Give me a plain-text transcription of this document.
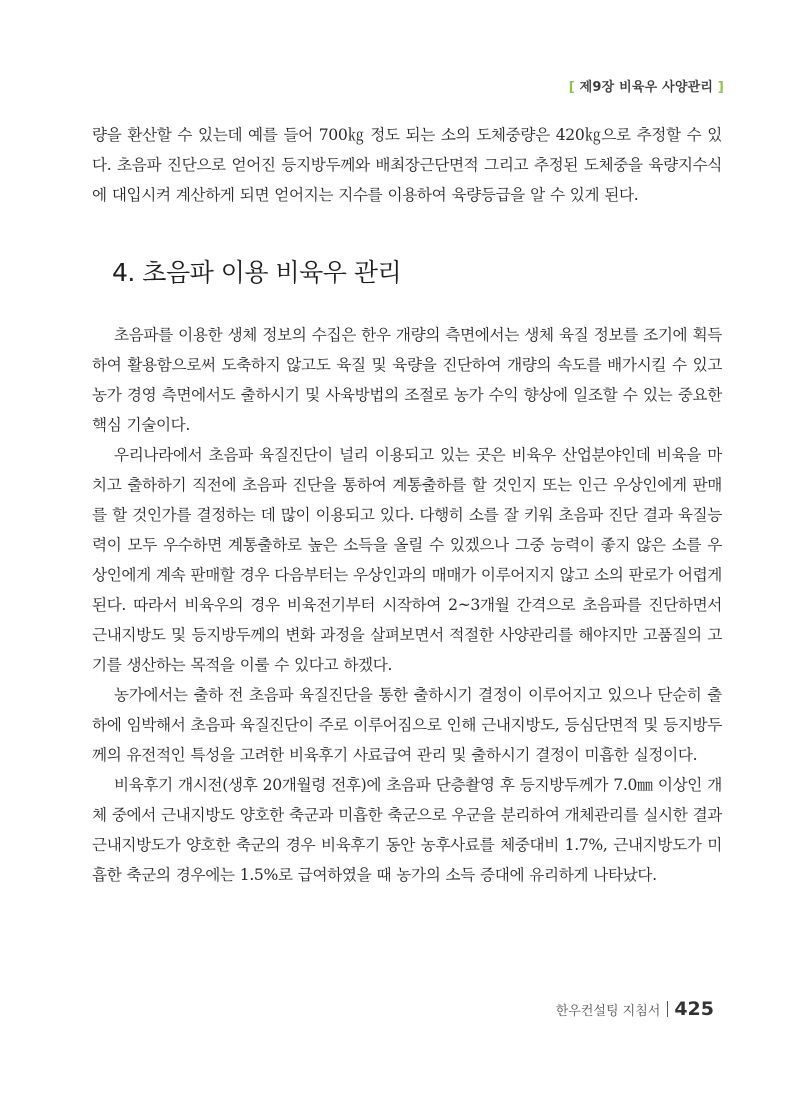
[ 제9장 비육우 사양관리 ]

량을 환산할 수 있는데 예를 들어 700㎏ 정도 되는 소의 도체중량은 420㎏으로 추정할 수 있다. 초음파 진단으로 얻어진 등지방두께와 배최장근단면적 그리고 추정된 도체중을 육량지수식에 대입시켜 계산하게 되면 얻어지는 지수를 이용하여 육량등급을 알 수 있게 된다.

4. 초음파 이용 비육우 관리

초음파를 이용한 생체 정보의 수집은 한우 개량의 측면에서는 생체 육질 정보를 조기에 획득하여 활용함으로써 도축하지 않고도 육질 및 육량을 진단하여 개량의 속도를 배가시킬 수 있고 농가 경영 측면에서도 출하시기 및 사육방법의 조절로 농가 수익 향상에 일조할 수 있는 중요한 핵심 기술이다.

우리나라에서 초음파 육질진단이 널리 이용되고 있는 곳은 비육우 산업분야인데 비육을 마치고 출하하기 직전에 초음파 진단을 통하여 계통출하를 할 것인지 또는 인근 우상인에게 판매를 할 것인가를 결정하는 데 많이 이용되고 있다. 다행히 소를 잘 키워 초음파 진단 결과 육질능력이 모두 우수하면 계통출하로 높은 소득을 올릴 수 있겠으나 그중 능력이 좋지 않은 소를 우상인에게 계속 판매할 경우 다음부터는 우상인과의 매매가 이루어지지 않고 소의 판로가 어렵게 된다. 따라서 비육우의 경우 비육전기부터 시작하여 2~3개월 간격으로 초음파를 진단하면서 근내지방도 및 등지방두께의 변화 과정을 살펴보면서 적절한 사양관리를 해야지만 고품질의 고기를 생산하는 목적을 이룰 수 있다고 하겠다.

농가에서는 출하 전 초음파 육질진단을 통한 출하시기 결정이 이루어지고 있으나 단순히 출하에 임박해서 초음파 육질진단이 주로 이루어짐으로 인해 근내지방도, 등심단면적 및 등지방두께의 유전적인 특성을 고려한 비육후기 사료급여 관리 및 출하시기 결정이 미흡한 실정이다.

비육후기 개시전(생후 20개월령 전후)에 초음파 단층촬영 후 등지방두께가 7.0㎜ 이상인 개체 중에서 근내지방도 양호한 축군과 미흡한 축군으로 우군을 분리하여 개체관리를 실시한 결과 근내지방도가 양호한 축군의 경우 비육후기 동안 농후사료를 체중대비 1.7%, 근내지방도가 미흡한 축군의 경우에는 1.5%로 급여하였을 때 농가의 소득 증대에 유리하게 나타났다.

한우컨설팅 지침서 425
